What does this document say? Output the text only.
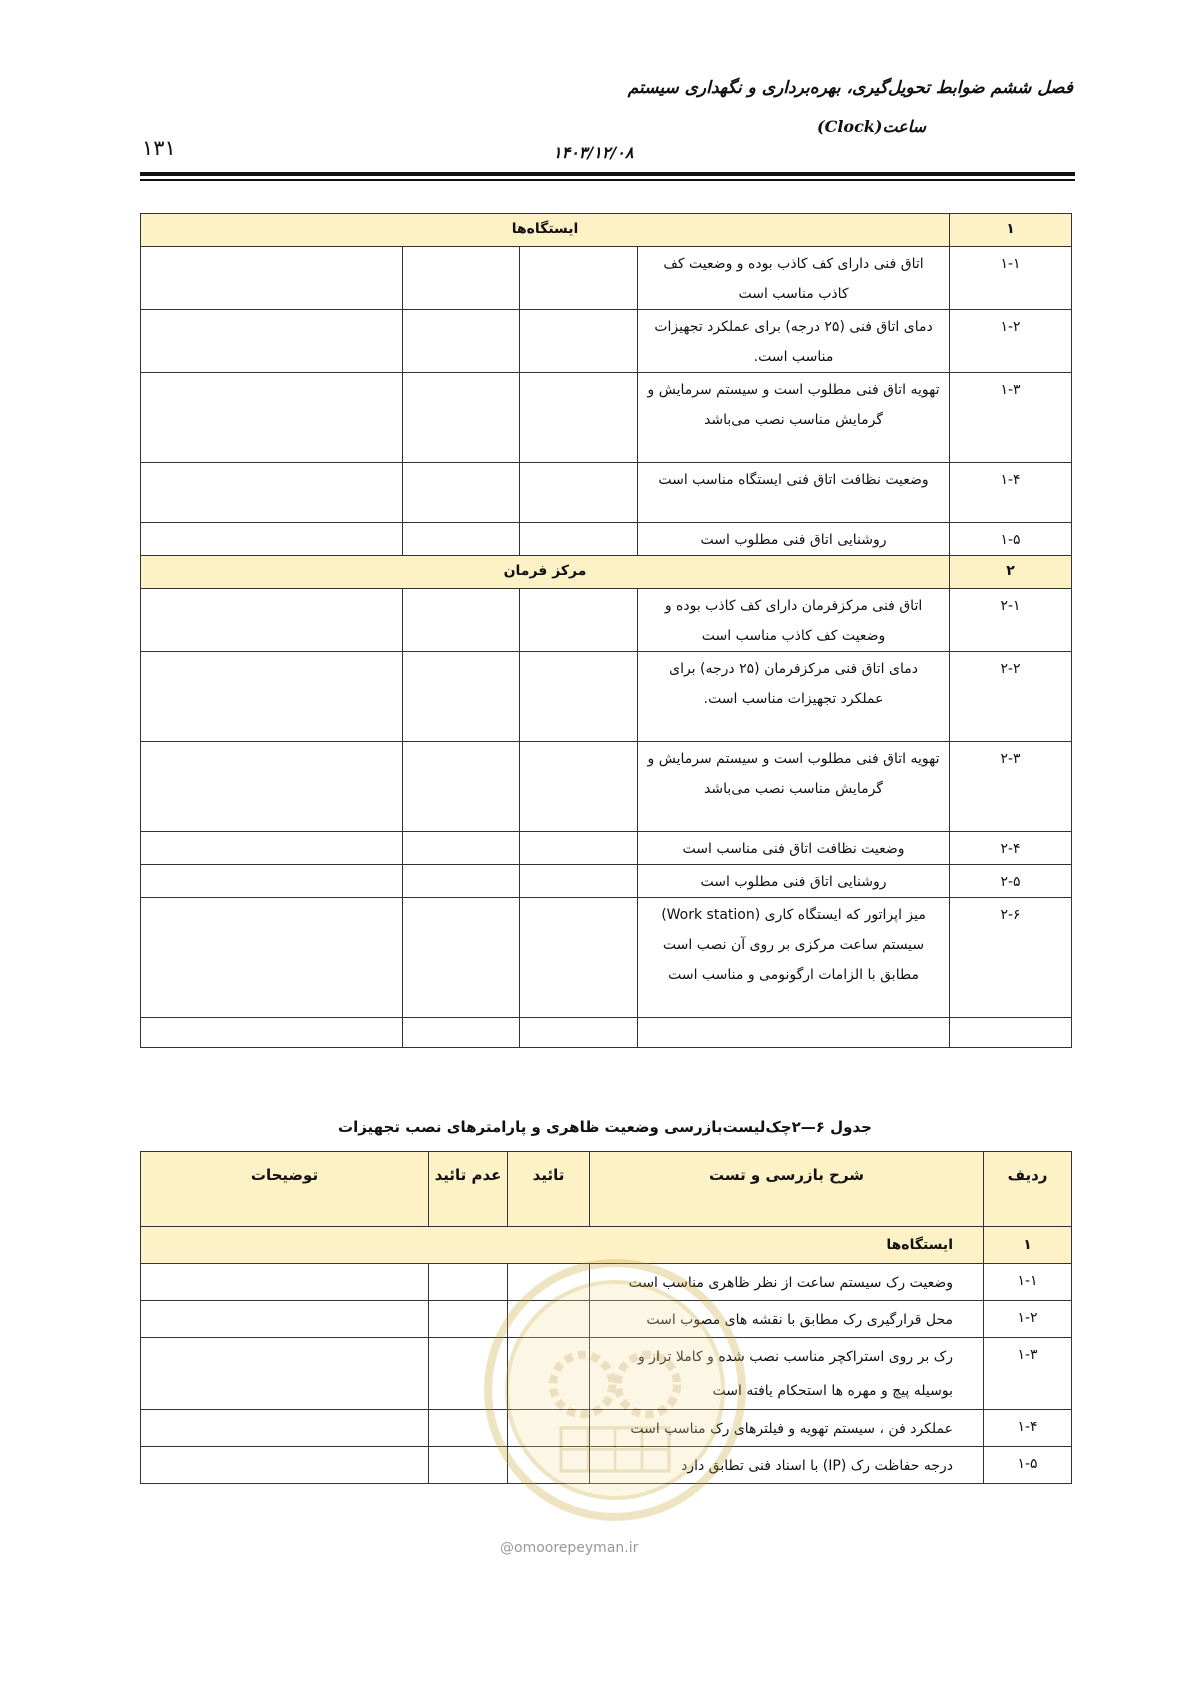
فصل ششم ضوابط تحویل‌گیری، بهره‌برداری و نگهداری سیستم
ساعت(Clock)
۱۴۰۳/۱۲/۰۸
۱۳۱
۱	ایستگاه‌ها			
۱-۱	اتاق فنی دارای کف کاذب بوده و وضعیت کف کاذب مناسب است			
۱-۲	دمای اتاق فنی (۲۵ درجه) برای عملکرد تجهیزات مناسب است.			
۱-۳	تهویه اتاق فنی مطلوب است و سیستم سرمایش و گرمایش مناسب نصب می‌باشد			
۱-۴	وضعیت نظافت اتاق فنی ایستگاه مناسب است			
۱-۵	روشنایی اتاق فنی مطلوب است			
۲	مرکز فرمان			
۲-۱	اتاق فنی مرکزفرمان دارای کف کاذب بوده و وضعیت کف کاذب مناسب است			
۲-۲	دمای اتاق فنی مرکزفرمان (۲۵ درجه) برای عملکرد تجهیزات مناسب است.			
۲-۳	تهویه اتاق فنی مطلوب است و سیستم سرمایش و گرمایش مناسب نصب می‌باشد			
۲-۴	وضعیت نظافت اتاق فنی مناسب است			
۲-۵	روشنایی اتاق فنی مطلوب است			
۲-۶	میز اپراتور که ایستگاه کاری (Work station) سیستم ساعت مرکزی بر روی آن نصب است مطابق با الزامات ارگونومی و مناسب است			

جدول ۶—۲چک‌لیست‌بازرسی وضعیت ظاهری و پارامترهای نصب تجهیزات
ردیف	شرح بازرسی و تست	تائید	عدم تائید	توضیحات
۱	ایستگاه‌ها			
۱-۱	وضعیت رک سیستم ساعت از نظر ظاهری مناسب است			
۱-۲	محل قرارگیری رک مطابق با نقشه های مصوب است			
۱-۳	رک بر روی استراکچر مناسب نصب شده و کاملا تراز و بوسیله پیچ و مهره ها استحکام یافته است			
۱-۴	عملکرد فن ، سیستم تهویه و فیلترهای رک مناسب است			
۱-۵	درجه حفاظت رک (IP) با اسناد فنی تطابق دارد			
@omoorepeyman.ir
